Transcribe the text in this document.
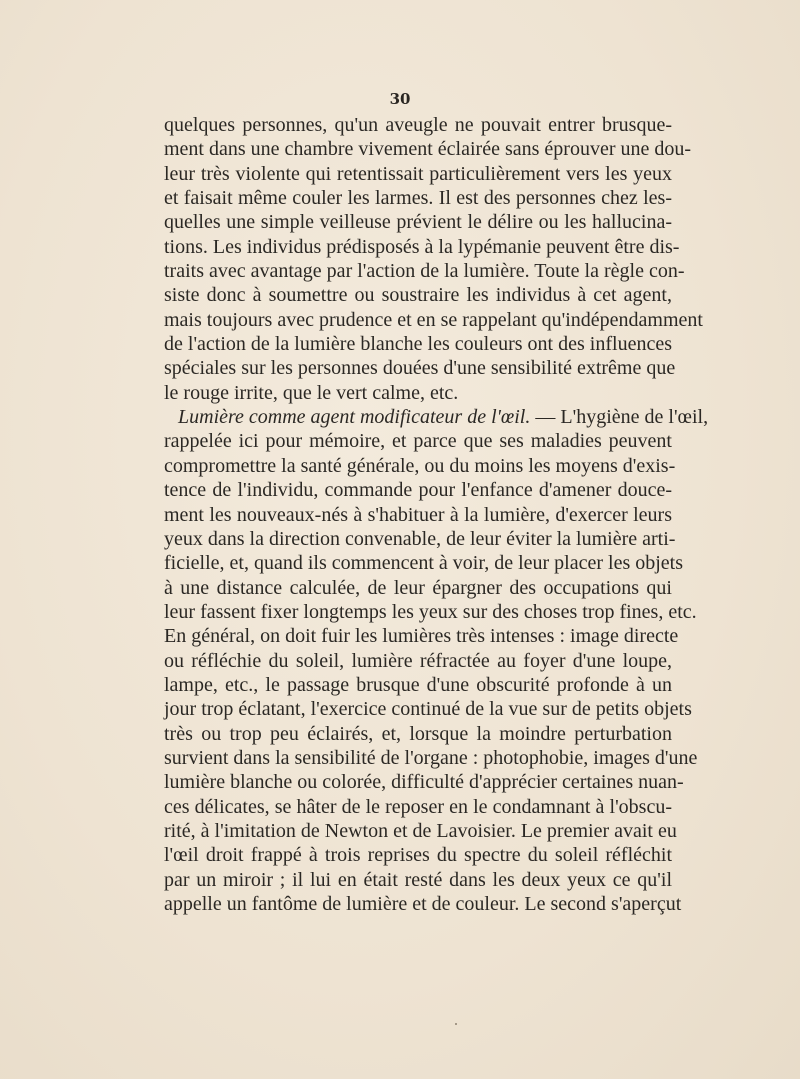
30
quelques personnes, qu'un aveugle ne pouvait entrer brusque-
ment dans une chambre vivement éclairée sans éprouver une dou-
leur très violente qui retentissait particulièrement vers les yeux
et faisait même couler les larmes. Il est des personnes chez les-
quelles une simple veilleuse prévient le délire ou les hallucina-
tions. Les individus prédisposés à la lypémanie peuvent être dis-
traits avec avantage par l'action de la lumière. Toute la règle con-
siste donc à soumettre ou soustraire les individus à cet agent,
mais toujours avec prudence et en se rappelant qu'indépendamment
de l'action de la lumière blanche les couleurs ont des influences
spéciales sur les personnes douées d'une sensibilité extrême que
le rouge irrite, que le vert calme, etc.
Lumière comme agent modificateur de l'œil. — L'hygiène de l'œil,
rappelée ici pour mémoire, et parce que ses maladies peuvent
compromettre la santé générale, ou du moins les moyens d'exis-
tence de l'individu, commande pour l'enfance d'amener douce-
ment les nouveaux-nés à s'habituer à la lumière, d'exercer leurs
yeux dans la direction convenable, de leur éviter la lumière arti-
ficielle, et, quand ils commencent à voir, de leur placer les objets
à une distance calculée, de leur épargner des occupations qui
leur fassent fixer longtemps les yeux sur des choses trop fines, etc.
En général, on doit fuir les lumières très intenses : image directe
ou réfléchie du soleil, lumière réfractée au foyer d'une loupe,
lampe, etc., le passage brusque d'une obscurité profonde à un
jour trop éclatant, l'exercice continué de la vue sur de petits objets
très ou trop peu éclairés, et, lorsque la moindre perturbation
survient dans la sensibilité de l'organe : photophobie, images d'une
lumière blanche ou colorée, difficulté d'apprécier certaines nuan-
ces délicates, se hâter de le reposer en le condamnant à l'obscu-
rité, à l'imitation de Newton et de Lavoisier. Le premier avait eu
l'œil droit frappé à trois reprises du spectre du soleil réfléchit
par un miroir ; il lui en était resté dans les deux yeux ce qu'il
appelle un fantôme de lumière et de couleur. Le second s'aperçut
